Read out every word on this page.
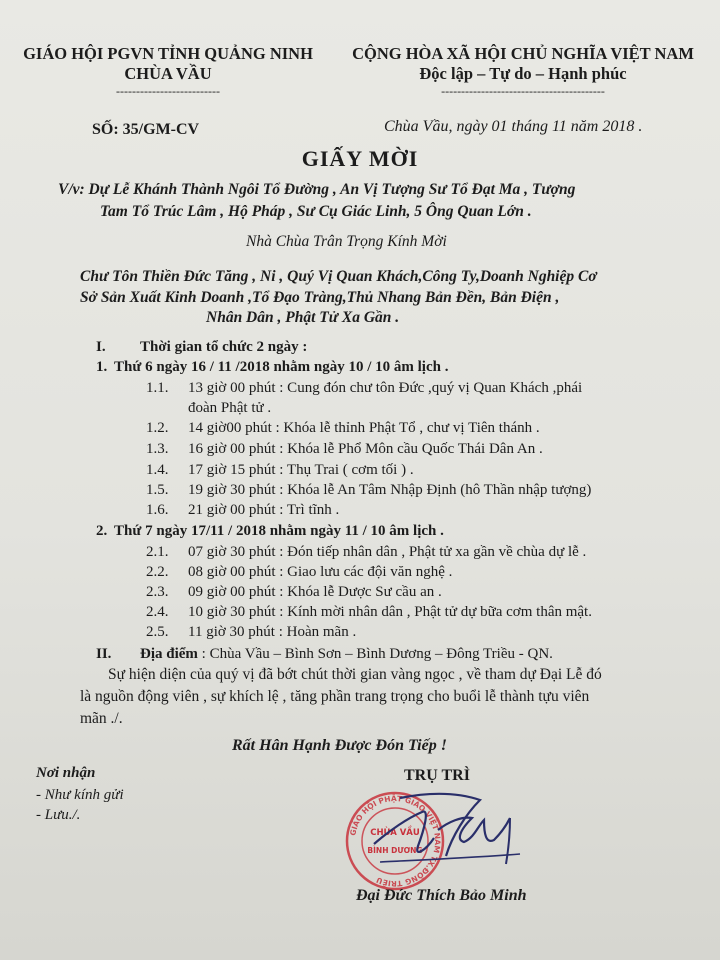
GIÁO HỘI PGVN TỈNH QUẢNG NINH
CHÙA VẦU
--------------------------
CỘNG HÒA XÃ HỘI CHỦ NGHĨA VIỆT NAM
Độc lập – Tự do – Hạnh phúc
-----------------------------------------
SỐ: 35/GM-CV	Chùa Vầu, ngày 01 tháng 11 năm 2018 .
GIẤY MỜI
V/v: Dự Lễ Khánh Thành Ngôi Tổ Đường , An Vị Tượng Sư Tổ Đạt Ma , Tượng
Tam Tổ Trúc Lâm , Hộ Pháp , Sư Cụ Giác Linh, 5 Ông Quan Lớn .
Nhà Chùa Trân Trọng Kính Mời
Chư Tôn Thiền Đức Tăng , Ni , Quý Vị Quan Khách,Công Ty,Doanh Nghiệp Cơ
Sở Sản Xuất Kinh Doanh ,Tổ Đạo Tràng,Thủ Nhang Bản Đền, Bản Điện ,
Nhân Dân , Phật Tử Xa Gần .
I. Thời gian tổ chức 2 ngày :
1. Thứ 6 ngày 16 / 11 /2018 nhằm ngày 10 / 10 âm lịch .
1.1. 13 giờ 00 phút : Cung đón chư tôn Đức ,quý vị Quan Khách ,phái
đoàn Phật tử .
1.2. 14 giờ00 phút : Khóa lễ thỉnh Phật Tổ , chư vị Tiên thánh .
1.3. 16 giờ 00 phút : Khóa lễ Phổ Môn cầu Quốc Thái Dân An .
1.4. 17 giờ 15 phút : Thụ Trai ( cơm tối ) .
1.5. 19 giờ 30 phút : Khóa lễ An Tâm Nhập Định (hô Thần nhập tượng)
1.6. 21 giờ 00 phút : Trì tĩnh .
2. Thứ 7 ngày 17/11 / 2018 nhằm ngày 11 / 10 âm lịch .
2.1. 07 giờ 30 phút : Đón tiếp nhân dân , Phật tử xa gần về chùa dự lễ .
2.2. 08 giờ 00 phút : Giao lưu các đội văn nghệ .
2.3. 09 giờ 00 phút : Khóa lễ Dược Sư cầu an .
2.4. 10 giờ 30 phút : Kính mời nhân dân , Phật tử dự bữa cơm thân mật.
2.5. 11 giờ 30 phút : Hoàn mãn .
II. Địa điểm : Chùa Vầu – Bình Sơn – Bình Dương – Đông Triều - QN.
Sự hiện diện của quý vị đã bớt chút thời gian vàng ngọc , về tham dự Đại Lễ đó
là nguồn động viên , sự khích lệ , tăng phần trang trọng cho buổi lễ thành tựu viên
mãn ./.
Rất Hân Hạnh Được Đón Tiếp !
Nơi nhận
- Như kính gửi
- Lưu./.
TRỤ TRÌ
GIÁO HỘI PHẬT GIÁO VIỆT NAM TX.ĐÔNG TRIỀU
CHÙA VẦU
BÌNH DƯƠNG
Đại Đức Thích Bảo Minh
